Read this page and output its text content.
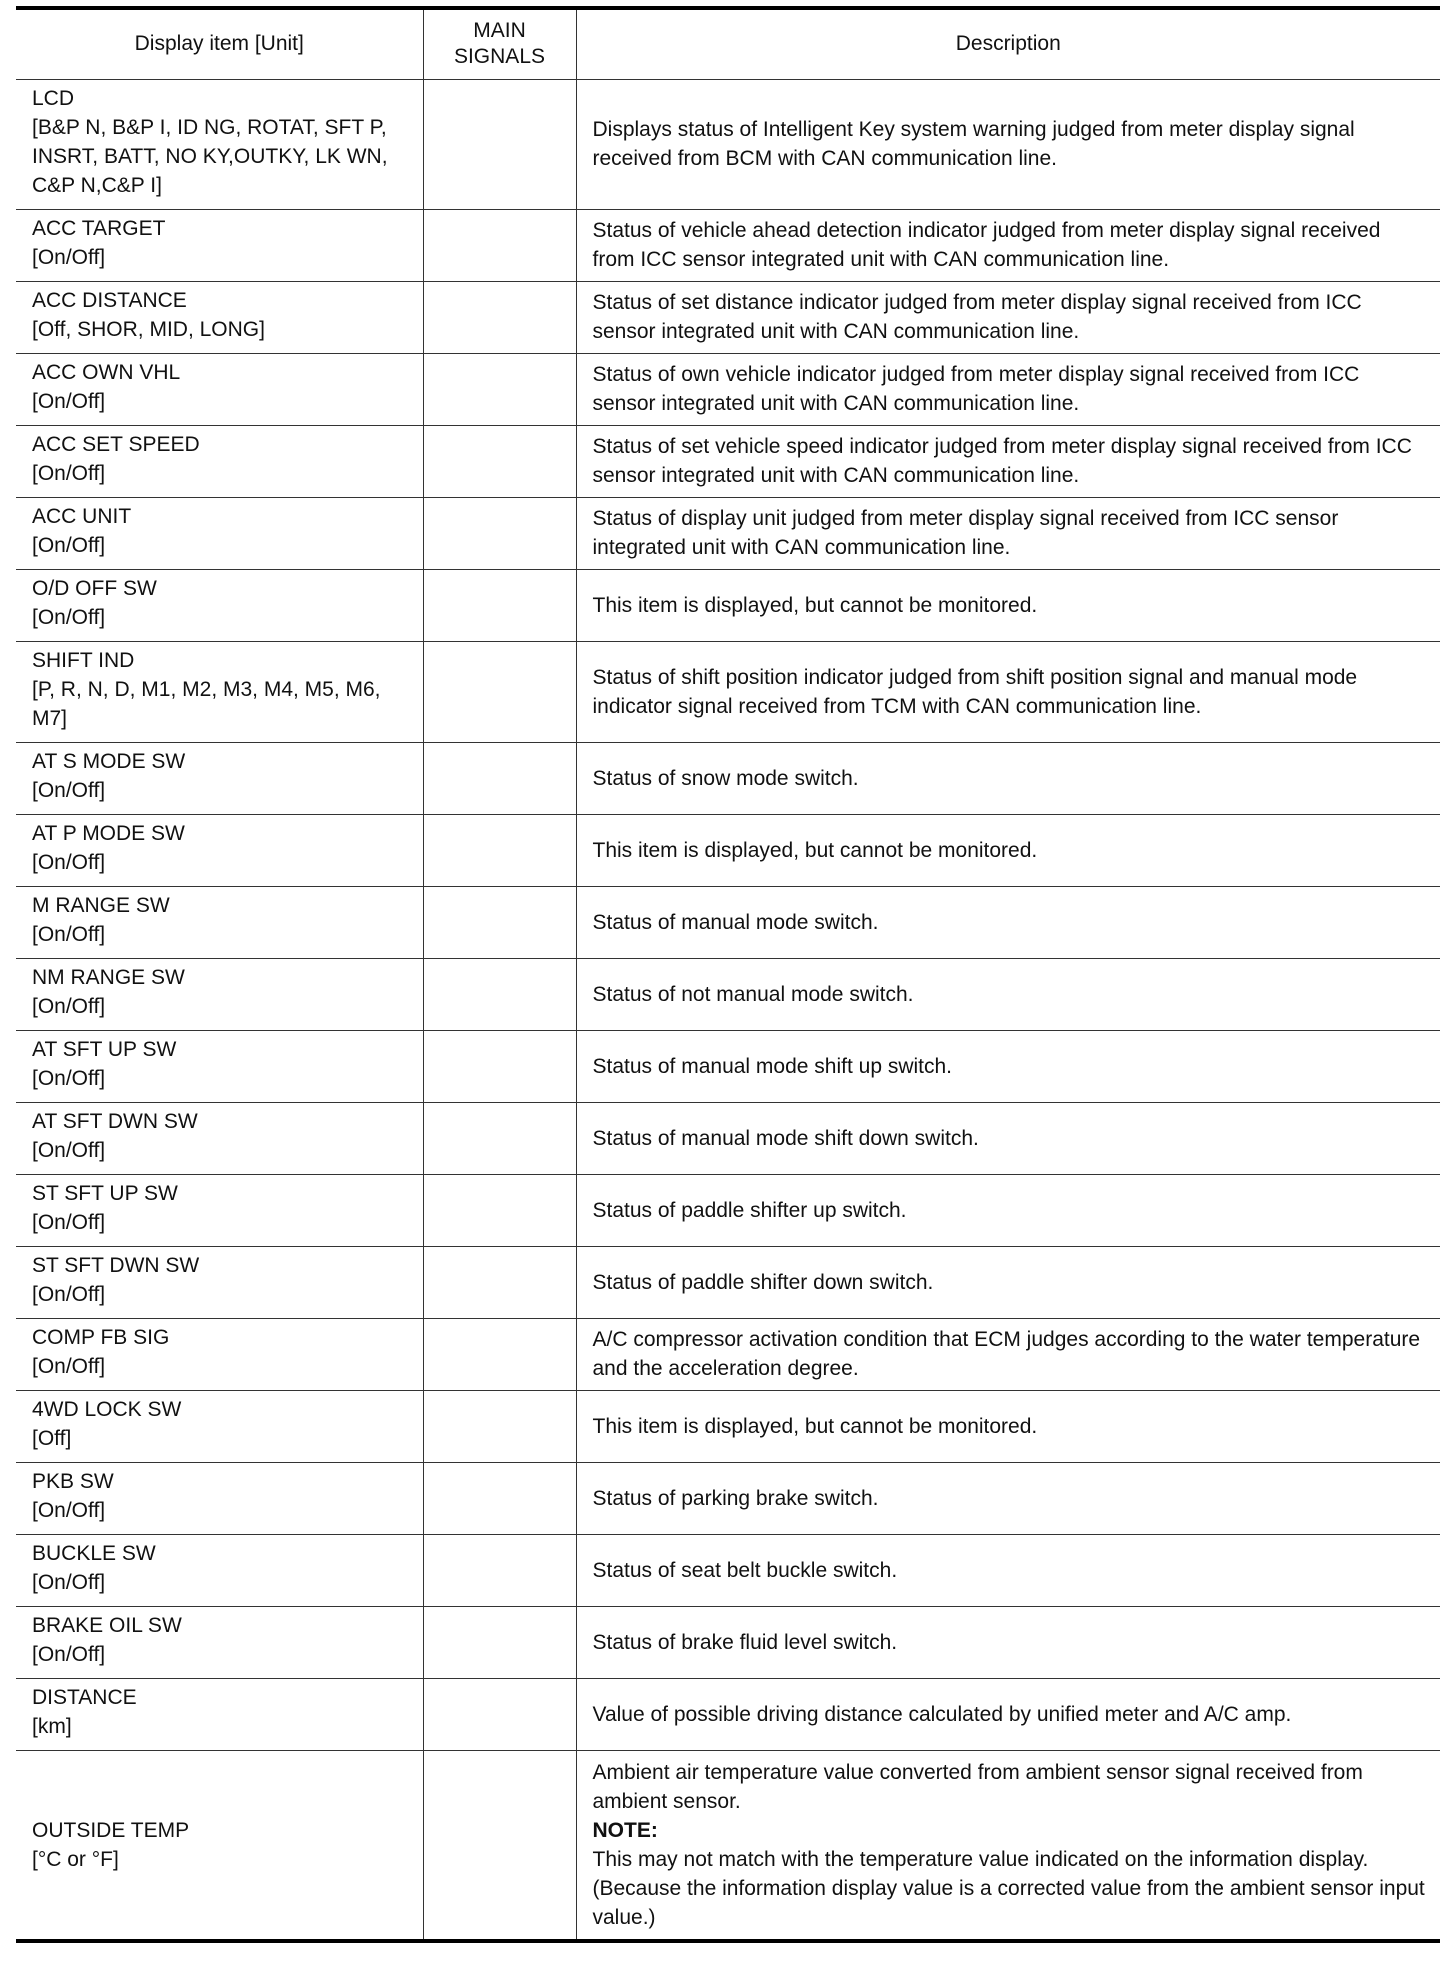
Display item [Unit]	MAIN SIGNALS	Description

LCD
[B&P N, B&P I, ID NG, ROTAT, SFT P, INSRT, BATT, NO KY,OUTKY, LK WN, C&P N,C&P I]		Displays status of Intelligent Key system warning judged from meter display signal received from BCM with CAN communication line.

ACC TARGET
[On/Off]		Status of vehicle ahead detection indicator judged from meter display signal received from ICC sensor integrated unit with CAN communication line.

ACC DISTANCE
[Off, SHOR, MID, LONG]		Status of set distance indicator judged from meter display signal received from ICC sensor integrated unit with CAN communication line.

ACC OWN VHL
[On/Off]		Status of own vehicle indicator judged from meter display signal received from ICC sensor integrated unit with CAN communication line.

ACC SET SPEED
[On/Off]		Status of set vehicle speed indicator judged from meter display signal received from ICC sensor integrated unit with CAN communication line.

ACC UNIT
[On/Off]		Status of display unit judged from meter display signal received from ICC sensor integrated unit with CAN communication line.

O/D OFF SW
[On/Off]		This item is displayed, but cannot be monitored.

SHIFT IND
[P, R, N, D, M1, M2, M3, M4, M5, M6, M7]		Status of shift position indicator judged from shift position signal and manual mode indicator signal received from TCM with CAN communication line.

AT S MODE SW
[On/Off]		Status of snow mode switch.

AT P MODE SW
[On/Off]		This item is displayed, but cannot be monitored.

M RANGE SW
[On/Off]		Status of manual mode switch.

NM RANGE SW
[On/Off]		Status of not manual mode switch.

AT SFT UP SW
[On/Off]		Status of manual mode shift up switch.

AT SFT DWN SW
[On/Off]		Status of manual mode shift down switch.

ST SFT UP SW
[On/Off]		Status of paddle shifter up switch.

ST SFT DWN SW
[On/Off]		Status of paddle shifter down switch.

COMP FB SIG
[On/Off]		A/C compressor activation condition that ECM judges according to the water temperature and the acceleration degree.

4WD LOCK SW
[Off]		This item is displayed, but cannot be monitored.

PKB SW
[On/Off]		Status of parking brake switch.

BUCKLE SW
[On/Off]		Status of seat belt buckle switch.

BRAKE OIL SW
[On/Off]		Status of brake fluid level switch.

DISTANCE
[km]		Value of possible driving distance calculated by unified meter and A/C amp.

OUTSIDE TEMP
[°C or °F]		Ambient air temperature value converted from ambient sensor signal received from ambient sensor.
NOTE:
This may not match with the temperature value indicated on the information display. (Because the information display value is a corrected value from the ambient sensor input value.)
